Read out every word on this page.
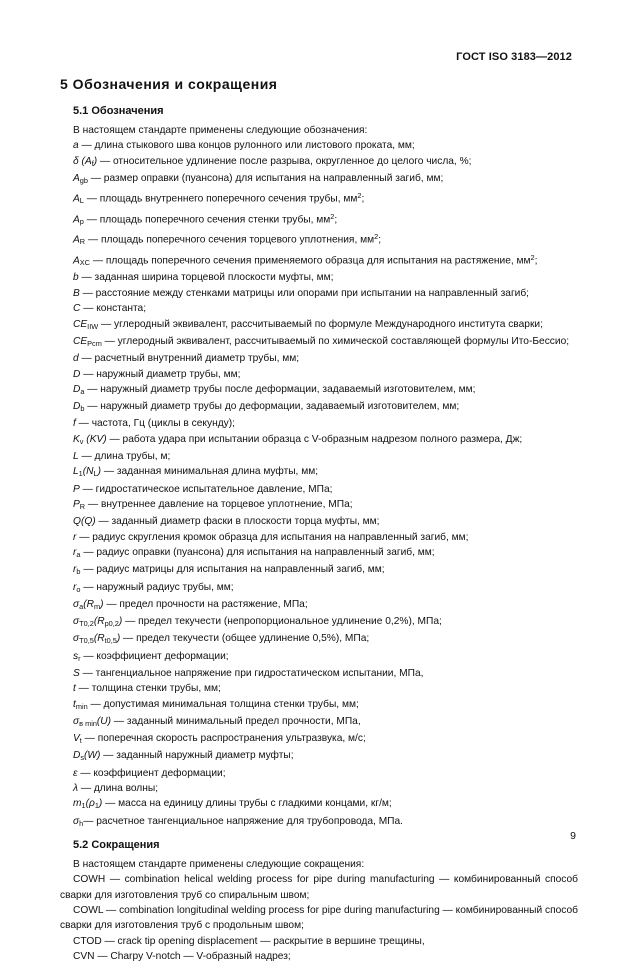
ГОСТ ISO 3183—2012
5 Обозначения и сокращения
5.1 Обозначения

В настоящем стандарте применены следующие обозначения:

a — длина стыкового шва концов рулонного или листового проката, мм;
δ (Af) — относительное удлинение после разрыва, округленное до целого числа, %;
Agb — размер оправки (пуансона) для испытания на направленный загиб, мм;
AL — площадь внутреннего поперечного сечения трубы, $мм^2$;
Ap — площадь поперечного сечения стенки трубы, $мм^2$;
AR — площадь поперечного сечения торцевого уплотнения, $мм^2$;
AXC — площадь поперечного сечения применяемого образца для испытания на растяжение, $мм^2$;
b — заданная ширина торцевой плоскости муфты, мм;
B — расстояние между стенками матрицы или опорами при испытании на направленный загиб;
C — константа;
CEIIW — углеродный эквивалент, рассчитываемый по формуле Международного института сварки;
CEPcm — углеродный эквивалент, рассчитываемый по химической составляющей формулы Ито-Бессио;
d — расчетный внутренний диаметр трубы, мм;
D — наружный диаметр трубы, мм;
Da — наружный диаметр трубы после деформации, задаваемый изготовителем, мм;
Db — наружный диаметр трубы до деформации, задаваемый изготовителем, мм;
f — частота, Гц (циклы в секунду);
Kv (KV) — работа удара при испытании образца с V-образным надрезом полного размера, Дж;
L — длина трубы, м;
L1(NL) — заданная минимальная длина муфты, мм;
P — гидростатическое испытательное давление, МПа;
PR — внутреннее давление на торцевое уплотнение, МПа;
Q(Q) — заданный диаметр фаски в плоскости торца муфты, мм;
r — радиус скругления кромок образца для испытания на направленный загиб, мм;
ra — радиус оправки (пуансона) для испытания на направленный загиб, мм;
rb — радиус матрицы для испытания на направленный загиб, мм;
ro — наружный радиус трубы, мм;
σa(Rm) — предел прочности на растяжение, МПа;
σT0,2(Rp0,2) — предел текучести (непропорциональное удлинение 0,2%), МПа;
σT0,5(Rt0,5) — предел текучести (общее удлинение 0,5%), МПа;
sr — коэффициент деформации;
S — тангенциальное напряжение при гидростатическом испытании, МПа,
t — толщина стенки трубы, мм;
tmin — допустимая минимальная толщина стенки трубы, мм;
σв min(U) — заданный минимальный предел прочности, МПа,
Vt — поперечная скорость распространения ультразвука, м/с;
Ds(W) — заданный наружный диаметр муфты;
ε — коэффициент деформации;
λ — длина волны;
m1(ρ1) — масса на единицу длины трубы с гладкими концами, кг/м;
σh— расчетное тангенциальное напряжение для трубопровода, МПа.
5.2 Сокращения

В настоящем стандарте применены следующие сокращения:

COWH — combination helical welding process for pipe during manufacturing — комбинированный способ сварки для изготовления труб со спиральным швом;
COWL — combination longitudinal welding process for pipe during manufacturing — комбинированный способ сварки для изготовления труб с продольным швом;
CTOD — crack tip opening displacement — раскрытие в вершине трещины,
CVN — Charpy V-notch — V-образный надрез;
9
